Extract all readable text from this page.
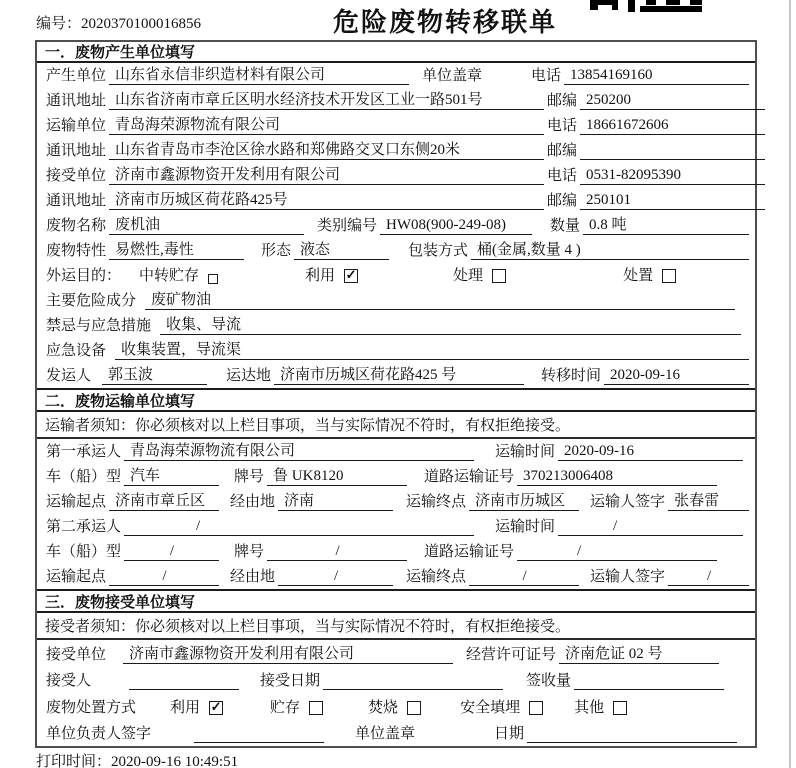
编号：2020370100016856	危险废物转移联单
一．废物产生单位填写
产生单位 山东省永信非织造材料有限公司	单位盖章	电话 13854169160
通讯地址 山东省济南市章丘区明水经济技术开发区工业一路501号	邮编 250200
运输单位 青岛海荣源物流有限公司	电话 18661672606
通讯地址 山东省青岛市李沧区徐水路和郑佛路交叉口东侧20米	邮编
接受单位 济南市鑫源物资开发利用有限公司	电话 0531-82095390
通讯地址 济南市历城区荷花路425号	邮编 250101
废物名称 废机油	类别编号 HW08(900-249-08)	数量 0.8 吨
废物特性 易燃性,毒性	形态 液态	包装方式 桶(金属,数量 4 )
外运目的： 中转贮存	利用 ✓	处理	处置
主要危险成分	废矿物油
禁忌与应急措施	收集、导流
应急设备	收集装置，导流渠
发运人	郭玉波	运达地 济南市历城区荷花路425 号	转移时间 2020-09-16
二．废物运输单位填写
运输者须知：你必须核对以上栏目事项，当与实际情况不符时，有权拒绝接受。
第一承运人 青岛海荣源物流有限公司	运输时间 2020-09-16
车（船）型 汽车	牌号 鲁 UK8120	道路运输证号 370213006408
运输起点 济南市章丘区	经由地 济南	运输终点 济南市历城区	运输人签字 张春雷
第二承运人	/	运输时间	/
车（船）型	/	牌号	/	道路运输证号	/
运输起点	/	经由地	/	运输终点	/	运输人签字	/
三．废物接受单位填写
接受者须知：你必须核对以上栏目事项，当与实际情况不符时，有权拒绝接受。
接受单位	济南市鑫源物资开发利用有限公司	经营许可证号 济南危证 02 号
接受人	接受日期	签收量
废物处置方式 利用 ✓	贮存	焚烧	安全填埋	其他
单位负责人签字	单位盖章	日期
打印时间：2020-09-16 10:49:51
